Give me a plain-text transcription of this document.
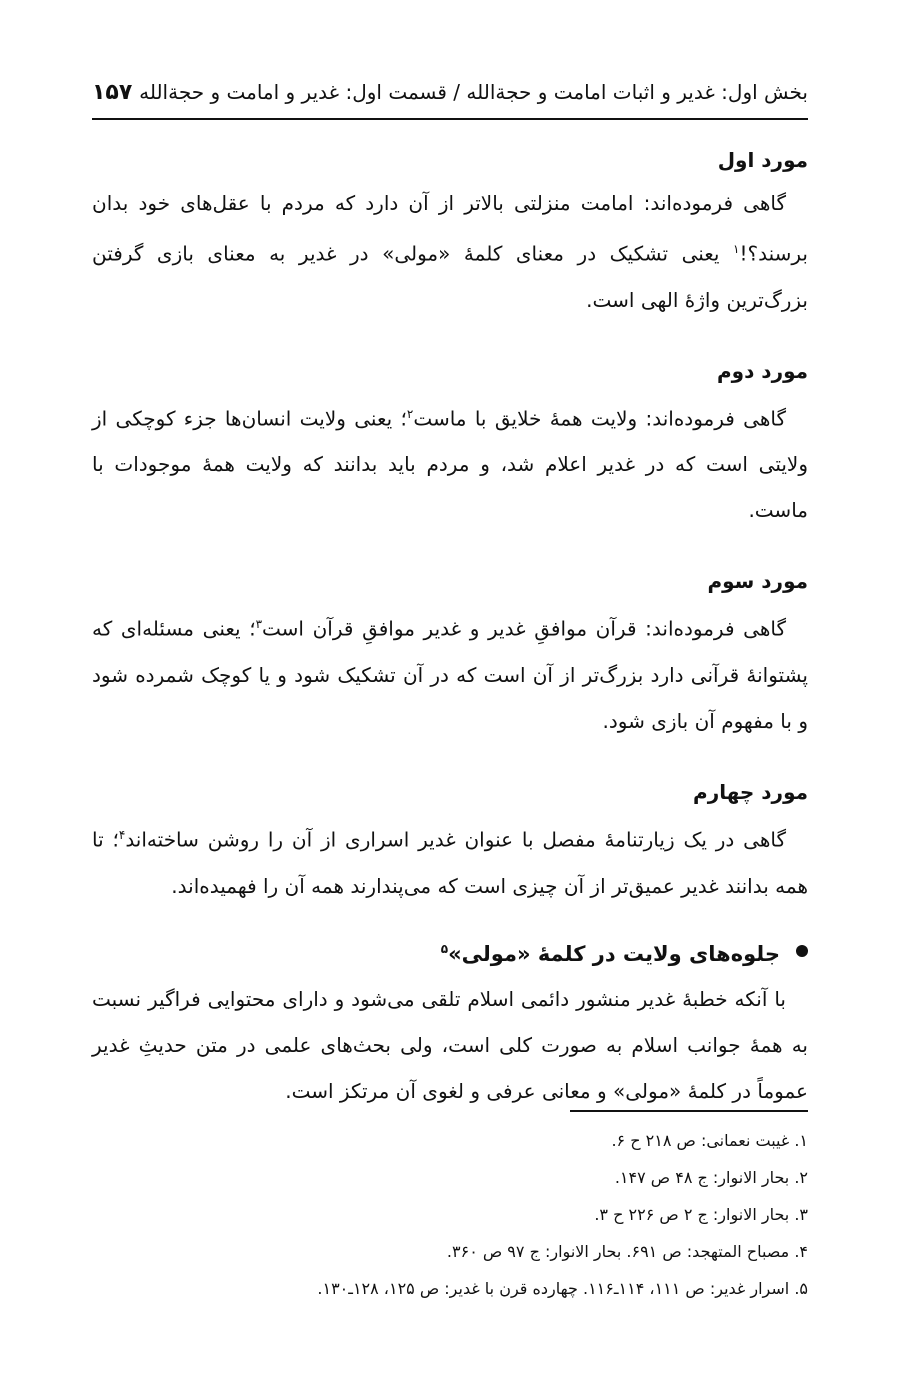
بخش اول: غدیر و اثبات امامت و حجةالله / قسمت اول: غدیر و امامت و حجةالله
۱۵۷
مورد اول

گاهی فرموده‌اند: امامت منزلتی بالاتر از آن دارد که مردم با عقل‌های خود بدان برسند؟!$^۱$ یعنی تشکیک در معنای کلمهٔ «مولی» در غدیر به معنای بازی گرفتن بزرگ‌ترین واژهٔ الهی است.

مورد دوم

گاهی فرموده‌اند: ولایت همهٔ خلایق با ماست$^۲$؛ یعنی ولایت انسان‌ها جزء کوچکی از ولایتی است که در غدیر اعلام شد، و مردم باید بدانند که ولایت همهٔ موجودات با ماست.

مورد سوم

گاهی فرموده‌اند: قرآن موافقِ غدیر و غدیر موافقِ قرآن است$^۳$؛ یعنی مسئله‌ای که پشتوانهٔ قرآنی دارد بزرگ‌تر از آن است که در آن تشکیک شود و یا کوچک شمرده شود و با مفهوم آن بازی شود.

مورد چهارم

گاهی در یک زیارتنامهٔ مفصل با عنوان غدیر اسراری از آن را روشن ساخته‌اند$^۴$؛ تا همه بدانند غدیر عمیق‌تر از آن چیزی است که می‌پندارند همه آن را فهمیده‌اند.

جلوه‌های ولایت در کلمهٔ «مولی»$^۵$

با آنکه خطبهٔ غدیر منشور دائمی اسلام تلقی می‌شود و دارای محتوایی فراگیر نسبت به همهٔ جوانب اسلام به صورت کلی است، ولی بحث‌های علمی در متن حدیثِ غدیر عموماً در کلمهٔ «مولی» و معانی عرفی و لغوی آن مرتکز است.

۱. غیبت نعمانی: ص ۲۱۸ ح ۶.

۲. بحار الانوار: ج ۴۸ ص ۱۴۷.

۳. بحار الانوار: ج ۲ ص ۲۲۶ ح ۳.

۴. مصباح المتهجد: ص ۶۹۱. بحار الانوار: ج ۹۷ ص ۳۶۰.

۵. اسرار غدیر: ص ۱۱۱، ۱۱۴ـ۱۱۶. چهارده قرن با غدیر: ص ۱۲۵، ۱۲۸ـ۱۳۰.
